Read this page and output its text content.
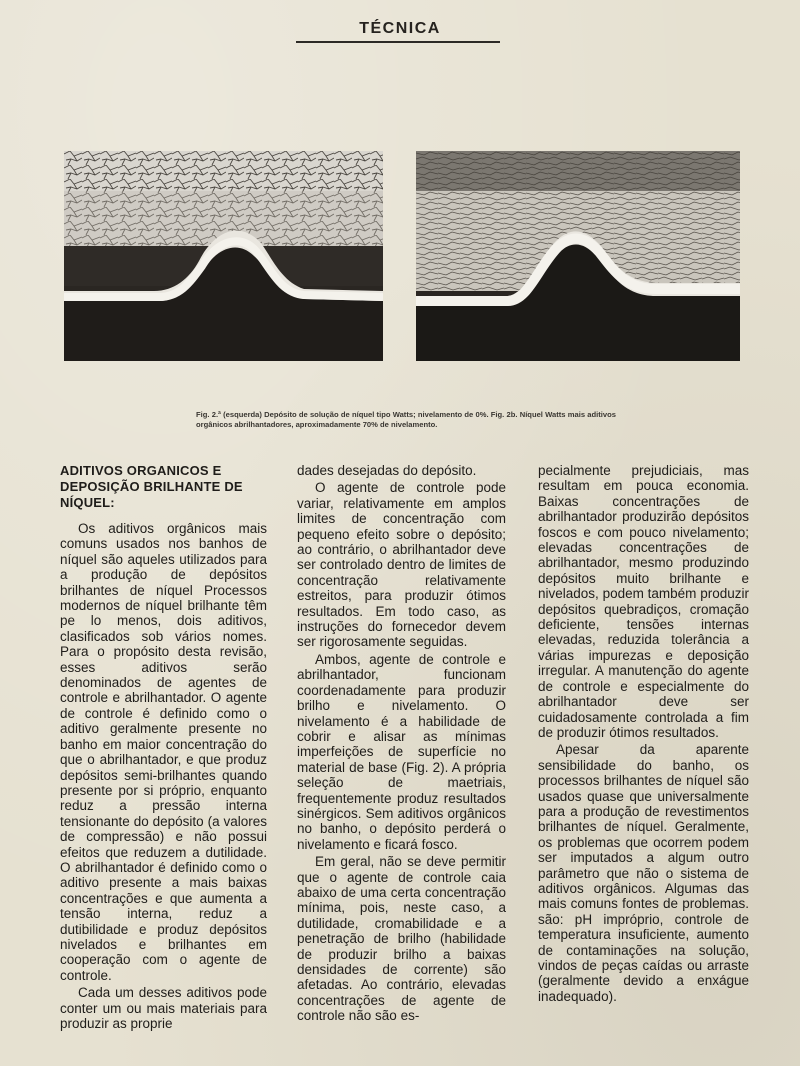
TÉCNICA
Fig. 2.ª (esquerda) Depósito de solução de níquel tipo Watts; nivelamento de 0%. Fig. 2b. Níquel Watts mais aditivos orgânicos abrilhantadores, aproximadamente 70% de nivelamento.
ADITIVOS ORGANICOS E DEPOSIÇÃO BRILHANTE DE NÍQUEL:

Os aditivos orgânicos mais comuns usados nos banhos de níquel são aqueles utilizados para a produção de depósitos brilhantes de níquel Processos modernos de níquel brilhante têm pe lo menos, dois aditivos, clasificados sob vários nomes. Para o propósito desta revisão, esses aditivos serão denominados de agentes de controle e abrilhantador. O agente de controle é definido como o aditivo geralmente presente no banho em maior concentração do que o abrilhantador, e que produz depósitos semi-brilhantes quando presente por si próprio, enquanto reduz a pressão interna tensionante do depósito (a valores de compressão) e não possui efeitos que reduzem a dutilidade. O abrilhantador é definido como o aditivo presente a mais baixas concentrações e que aumenta a tensão interna, reduz a dutibilidade e produz depósitos nivelados e brilhantes em cooperação com o agente de controle.

Cada um desses aditivos pode conter um ou mais materiais para produzir as proprie

dades desejadas do depósito.

O agente de controle pode variar, relativamente em amplos limites de concentração com pequeno efeito sobre o depósito; ao contrário, o abrilhantador deve ser controlado dentro de limites de concentração relativamente estreitos, para produzir ótimos resultados. Em todo caso, as instruções do fornecedor devem ser rigorosamente seguidas.

Ambos, agente de controle e abrilhantador, funcionam coordenadamente para produzir brilho e nivelamento. O nivelamento é a habilidade de cobrir e alisar as mínimas imperfeições de superfície no material de base (Fig. 2). A própria seleção de maetriais, frequentemente produz resultados sinérgicos. Sem aditivos orgânicos no banho, o depósito perderá o nivelamento e ficará fosco.

Em geral, não se deve permitir que o agente de controle caia abaixo de uma certa concentração mínima, pois, neste caso, a dutilidade, cromabilidade e a penetração de brilho (habilidade de produzir brilho a baixas densidades de corrente) são afetadas. Ao contrário, elevadas concentrações de agente de controle não são es-

pecialmente prejudiciais, mas resultam em pouca economia. Baixas concentrações de abrilhantador produzirão depósitos foscos e com pouco nivelamento; elevadas concentrações de abrilhantador, mesmo produzindo depósitos muito brilhante e nivelados, podem também produzir depósitos quebradiços, cromação deficiente, tensões internas elevadas, reduzida tolerância a várias impurezas e deposição irregular. A manutenção do agente de controle e especialmente do abrilhantador deve ser cuidadosamente controlada a fim de produzir ótimos resultados.

Apesar da aparente sensibilidade do banho, os processos brilhantes de níquel são usados quase que universalmente para a produção de revestimentos brilhantes de níquel. Geralmente, os problemas que ocorrem podem ser imputados a algum outro parâmetro que não o sistema de aditivos orgânicos. Algumas das mais comuns fontes de problemas. são: pH impróprio, controle de temperatura insuficiente, aumento de contaminações na solução, vindos de peças caídas ou arraste (geralmente devido a enxágue inadequado).
